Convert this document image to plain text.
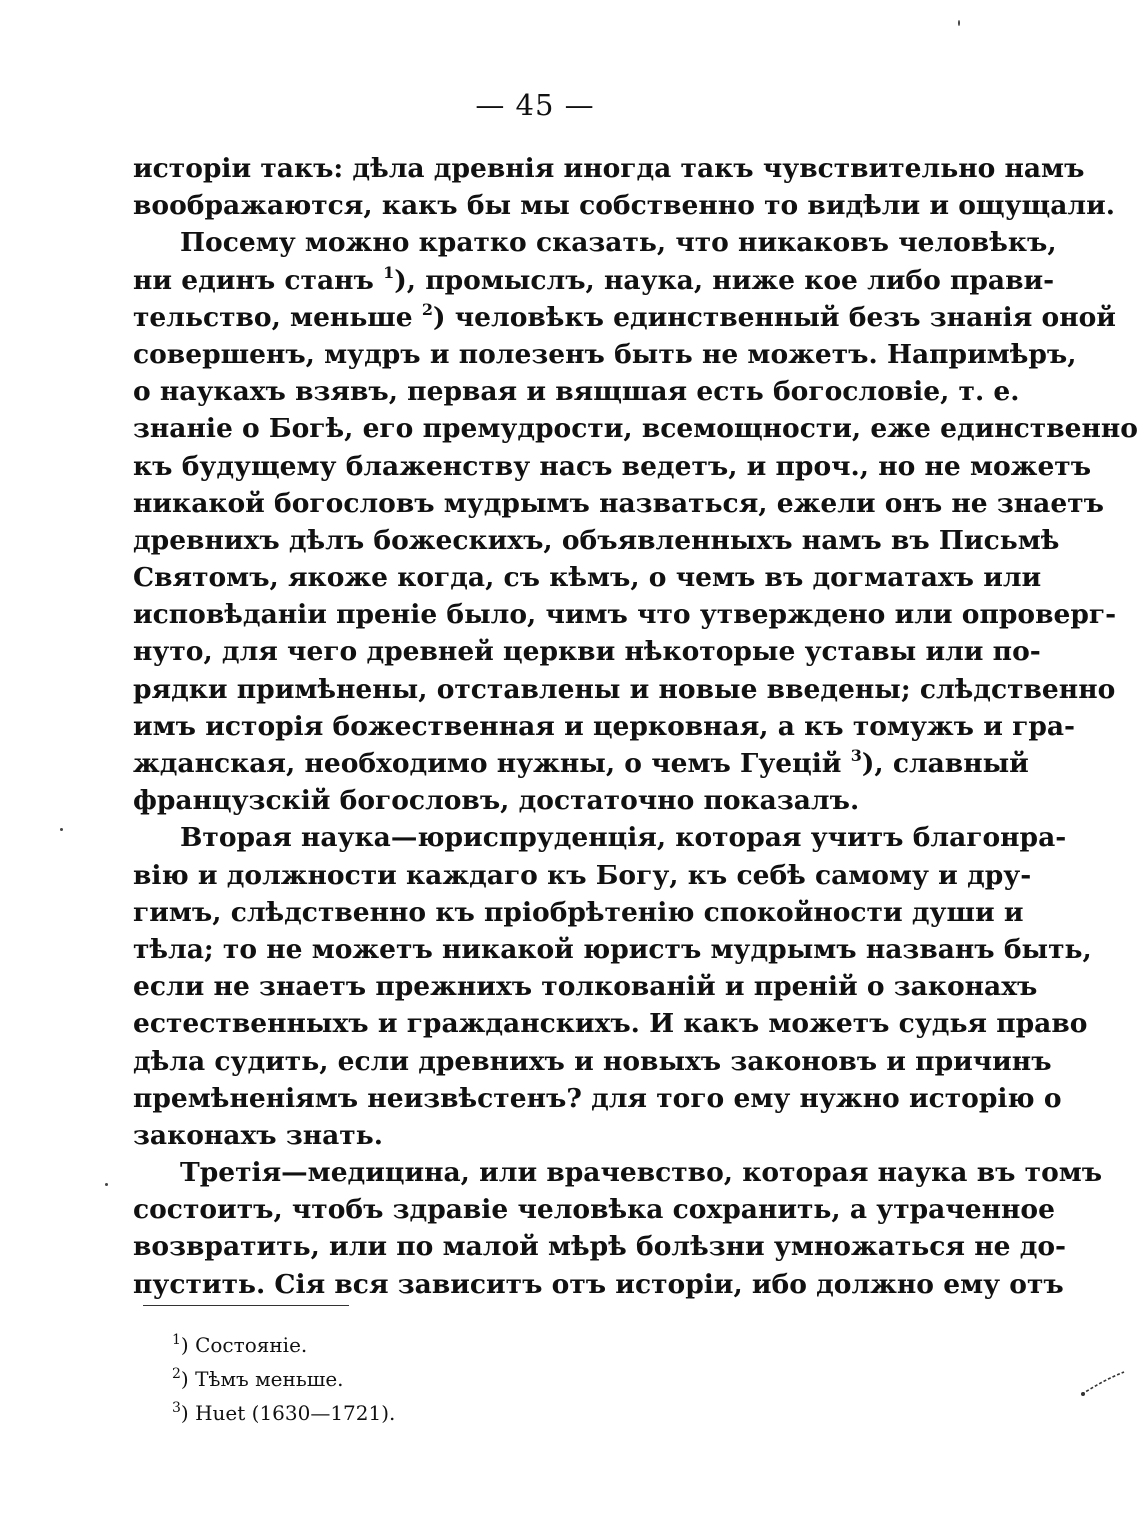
— 45 —
исторіи такъ: дѣла древнія иногда такъ чувствительно намъ
воображаются, какъ бы мы собственно то видѣли и ощущали.
Посему можно кратко сказать, что никаковъ человѣкъ,
ни единъ станъ $^1$), промыслъ, наука, ниже кое либо прави-
тельство, меньше $^2$) человѣкъ единственный безъ знанія оной
совершенъ, мудръ и полезенъ быть не можетъ. Напримѣръ,
о наукахъ взявъ, первая и вящшая есть богословіе, т. е.
знаніе о Богѣ, его премудрости, всемощности, еже единственно
къ будущему блаженству насъ ведетъ, и проч., но не можетъ
никакой богословъ мудрымъ назваться, ежели онъ не знаетъ
древнихъ дѣлъ божескихъ, объявленныхъ намъ въ Письмѣ
Святомъ, якоже когда, съ кѣмъ, о чемъ въ догматахъ или
исповѣданіи преніе было, чимъ что утверждено или опроверг-
нуто, для чего древней церкви нѣкоторые уставы или по-
рядки примѣнены, отставлены и новые введены; слѣдственно
имъ исторія божественная и церковная, а къ томужъ и гра-
жданская, необходимо нужны, о чемъ Гуецій $^3$), славный
французскій богословъ, достаточно показалъ.
Вторая наука—юриспруденція, которая учитъ благонра-
вію и должности каждаго къ Богу, къ себѣ самому и дру-
гимъ, слѣдственно къ пріобрѣтенію спокойности души и
тѣла; то не можетъ никакой юристъ мудрымъ названъ быть,
если не знаетъ прежнихъ толкованій и преній о законахъ
естественныхъ и гражданскихъ. И какъ можетъ судья право
дѣла судить, если древнихъ и новыхъ законовъ и причинъ
премѣненіямъ неизвѣстенъ? для того ему нужно исторію о
законахъ знать.
Третія—медицина, или врачевство, которая наука въ томъ
состоитъ, чтобъ здравіе человѣка сохранить, а утраченное
возвратить, или по малой мѣрѣ болѣзни умножаться не до-
пустить. Сія вся зависитъ отъ исторіи, ибо должно ему отъ
$^1$) Состояніе.
$^2$) Тѣмъ меньше.
$^3$) Huet (1630—1721).
